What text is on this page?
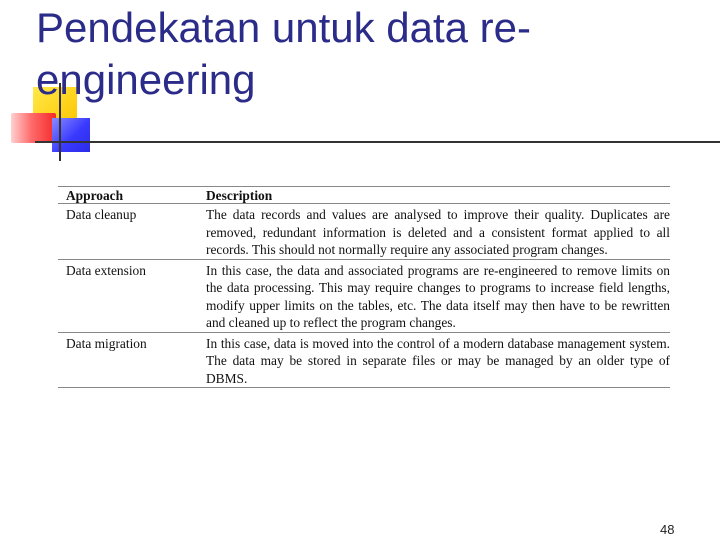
Pendekatan untuk data re-engineering
Approach	Description
Data cleanup	The data records and values are analysed to improve their quality. Duplicates are removed, redundant information is deleted and a consistent format applied to all records. This should not normally require any associated program changes.
Data extension	In this case, the data and associated programs are re-engineered to remove limits on the data processing. This may require changes to programs to increase field lengths, modify upper limits on the tables, etc. The data itself may then have to be rewritten and cleaned up to reflect the program changes.
Data migration	In this case, data is moved into the control of a modern database management system. The data may be stored in separate files or may be managed by an older type of DBMS.
48
